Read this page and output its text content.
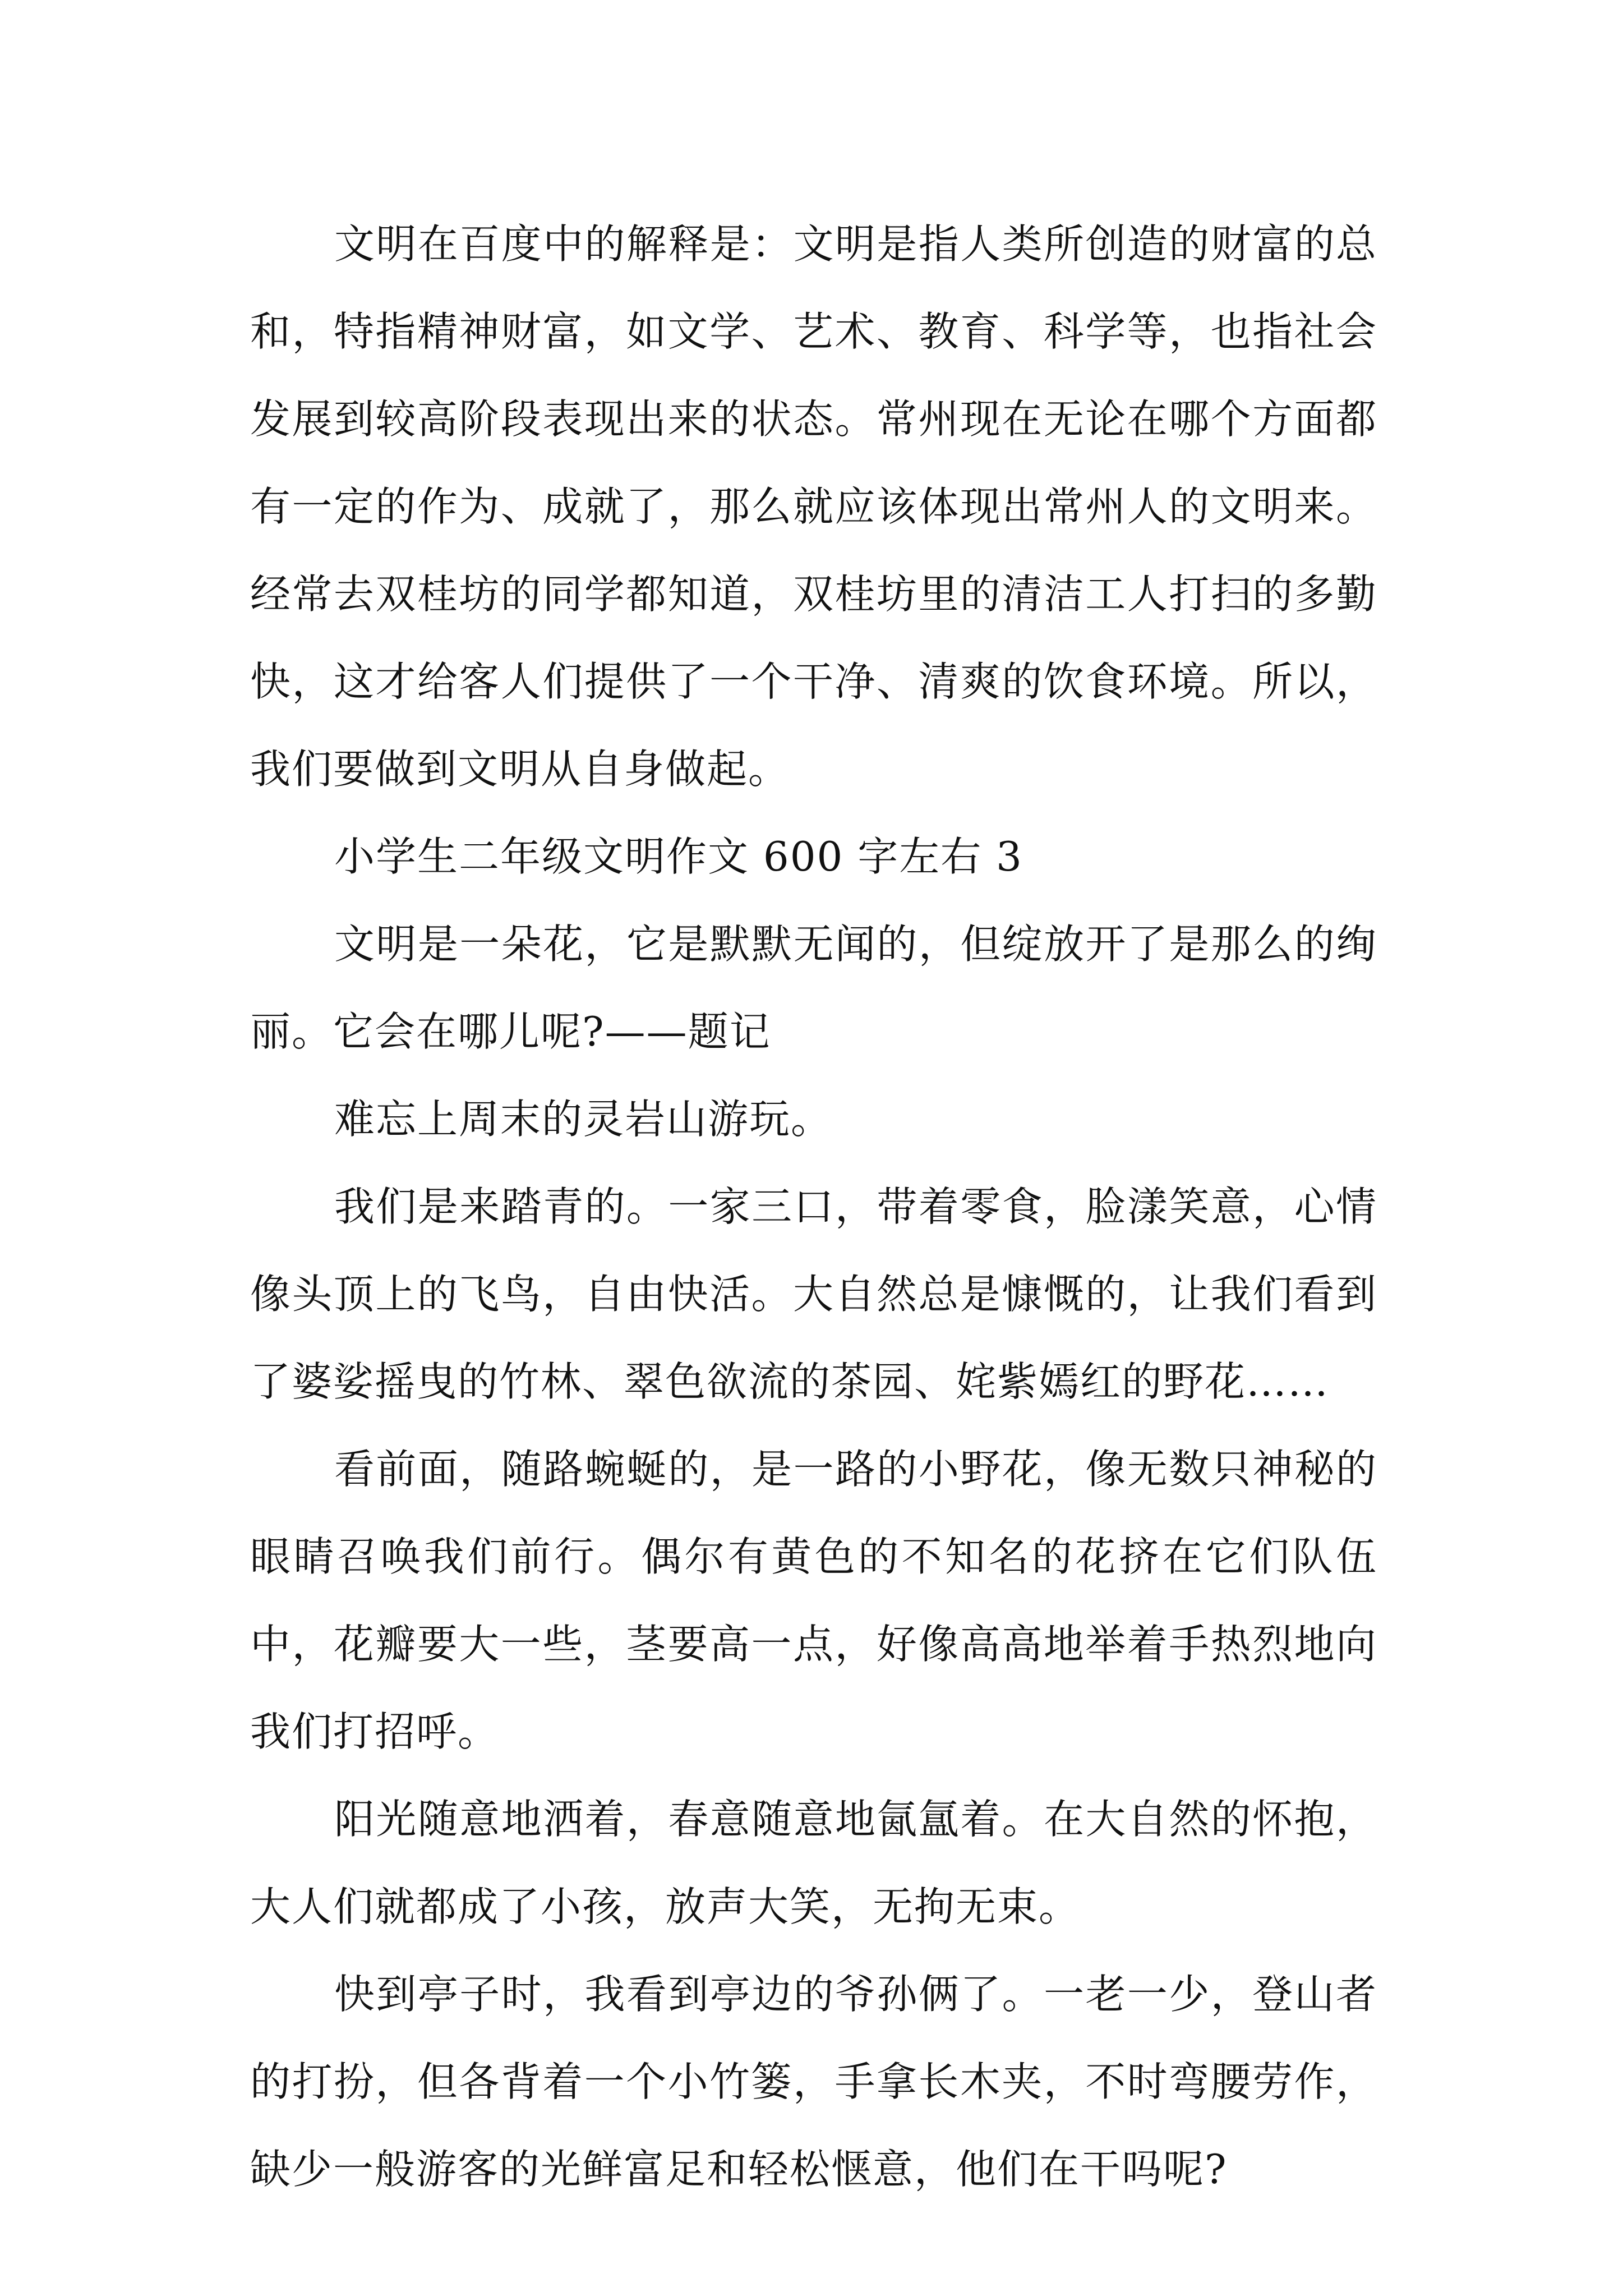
文明在百度中的解释是：文明是指人类所创造的财富的总和，特指精神财富，如文学、艺术、教育、科学等，也指社会发展到较高阶段表现出来的状态。常州现在无论在哪个方面都有一定的作为、成就了，那么就应该体现出常州人的文明来。经常去双桂坊的同学都知道，双桂坊里的清洁工人打扫的多勤快，这才给客人们提供了一个干净、清爽的饮食环境。所以，我们要做到文明从自身做起。

小学生二年级文明作文 600 字左右 3

文明是一朵花，它是默默无闻的，但绽放开了是那么的绚丽。它会在哪儿呢?——题记

难忘上周末的灵岩山游玩。

我们是来踏青的。一家三口，带着零食，脸漾笑意，心情像头顶上的飞鸟，自由快活。大自然总是慷慨的，让我们看到了婆娑摇曳的竹林、翠色欲流的茶园、姹紫嫣红的野花……

看前面，随路蜿蜒的，是一路的小野花，像无数只神秘的眼睛召唤我们前行。偶尔有黄色的不知名的花挤在它们队伍中，花瓣要大一些，茎要高一点，好像高高地举着手热烈地向我们打招呼。

阳光随意地洒着，春意随意地氤氲着。在大自然的怀抱，大人们就都成了小孩，放声大笑，无拘无束。

快到亭子时，我看到亭边的爷孙俩了。一老一少，登山者的打扮，但各背着一个小竹篓，手拿长木夹，不时弯腰劳作，缺少一般游客的光鲜富足和轻松惬意，他们在干吗呢?
